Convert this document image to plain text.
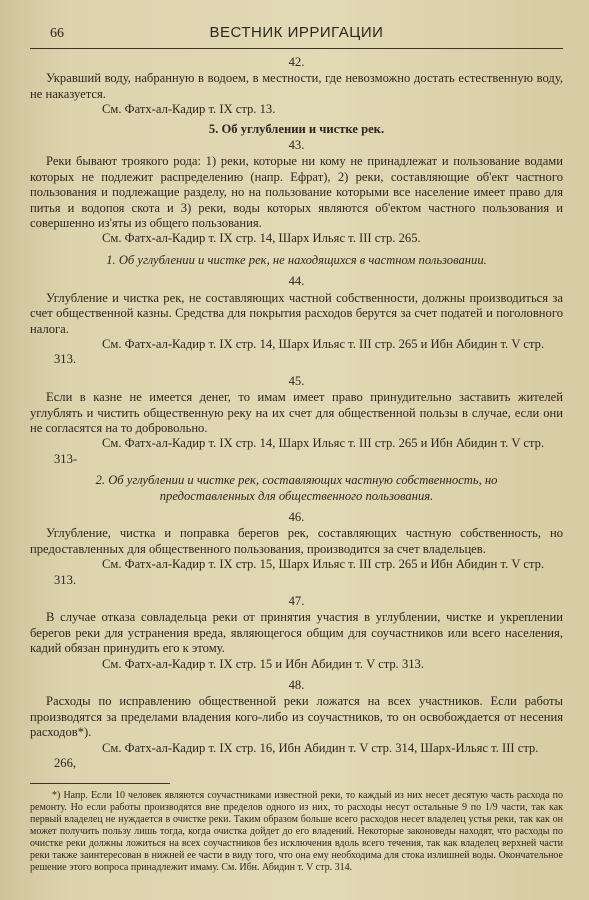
66	ВЕСТНИК ИРРИГАЦИИ
42.

Укравший воду, набранную в водоем, в местности, где невозможно достать естественную воду, не наказуется.

См. Фатх-ал-Кадир т. IX стр. 13.

5. Об углублении и чистке рек.
43.

Реки бывают трoякого рода: 1) реки, которые ни кому не принадлежат и пользование водами которых не подлежит распределению (напр. Ефрат), 2) реки, составляющие об'ект частного пользования и подлежащие разделу, но на пользование которыми все население имеет право для питья и водопоя скота и 3) реки, воды которых являются об'ектом частного пользования и совершенно из'яты из общего пользования.

См. Фатх-ал-Кадир т. IX стр. 14, Шарх Ильяс т. III стр. 265.

1. Об углублении и чистке рек, не находящихся в частном пользовании.
44.

Углубление и чистка рек, не составляющих частной собственности, должны производиться за счет общественной казны. Средства для покрытия расходов берутся за счет податей и поголовного налога.

См. Фатх-ал-Кадир т. IX стр. 14, Шарх Ильяс т. III стр. 265 и Ибн Абидин т. V стр. 313.

45.

Если в казне не имеется денег, то имам имеет право принудительно заставить жителей углублять и чистить общественную реку на их счет для общественной пользы в случае, если они не согласятся на то добровольно.

См. Фатх-ал-Кадир т. IX стр. 14, Шарх Ильяс т. III стр. 265 и Ибн Абидин т. V стр. 313-

2. Об углублении и чистке рек, составляющих частную собственность, но предоставленных для общественного пользования.
46.

Углубление, чистка и поправка берегов рек, составляющих частную собственность, но предоставленных для общественного пользования, производится за счет владельцев.

См. Фатх-ал-Кадир т. IX стр. 15, Шарх Ильяс т. III стр. 265 и Ибн Абидин т. V стр. 313.

47.

В случае отказа совладельца реки от принятия участия в углублении, чистке и укреплении берегов реки для устранения вреда, являющегося общим для соучастников или всего населения, кадий обязан принудить его к этому.

См. Фатх-ал-Кадир т. IX стр. 15 и Ибн Абидин т. V стр. 313.

48.

Расходы по исправлению общественной реки ложатся на всех участников. Если работы производятся за пределами владения кого-либо из соучастников, то он освобождается от несения расходов*).

См. Фатх-ал-Кадир т. IX стр. 16, Ибн Абидин т. V стр. 314, Шарх-Ильяс т. III стр. 266,

*) Напр. Если 10 человек являются соучастниками известной реки, то каждый из них несет десятую часть расхода по ремонту. Но если работы производятся вне пределов одного из них, то расходы несут остальные 9 по 1/9 части, так как первый владелец не нуждается в очистке реки. Таким образом больше всего расходов несет владелец устья реки, так как он может получить пользу лишь тогда, когда очистка дойдет до его владений. Некоторые законоведы находят, что расходы по очистке реки должны ложиться на всех соучастников без исключения вдоль всего течения, так как владелец верхней части реки также заинтересован в нижней ее части в виду того, что она ему необходима для стока излишней воды. Окончательное решение этого вопроса принадлежит имаму. См. Ибн. Абидин т. V стр. 314.
